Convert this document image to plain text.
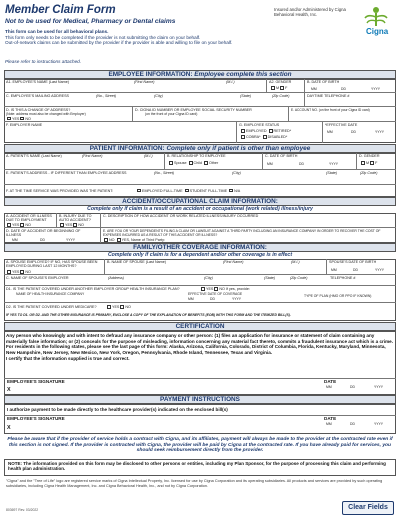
Member Claim Form
Not to be used for Medical, Pharmacy or Dental claims
Insured and/or Administered by Cigna Behavioral Health, Inc.
Cigna
This form can be used for all behavioral plans.
This form only needs to be completed if the provider is not submitting the claim on your behalf.
Out-of-network claims can be submitted by the provider if the provider is able and willing to file on your behalf.
Please refer to instructions attached.
EMPLOYEE INFORMATION: Employee complete this section
A1. EMPLOYEE'S NAME (Last Name)	(First Name)	(M.I.)	A2. GENDER
M F
B. DATE OF BIRTH
MM	DD	YYYY
C. EMPLOYEE'S MAILING ADDRESS	(No., Street)	(City)	(State)	(Zip Code)	DAYTIME TELEPHONE #
D. IS THIS A CHANGE OF ADDRESS?
(Note: address must also be changed with Employer)
YES NO
D. CIGNA ID NUMBER OR EMPLOYEE SOCIAL SECURITY NUMBER
(on the front of your Cigna ID card)
E. ACCOUNT NO. (on the front of your Cigna ID card)
F. EMPLOYER NAME	G. EMPLOYEE STATUS
EMPLOYED RETIRED*
COBRA* DISABLED*
*EFFECTIVE DATE
MM	DD	YYYY
PATIENT INFORMATION: Complete only if patient is other than employee
A. PATIENT'S NAME (Last Name)	(First Name)	(M.I.)	B. RELATIONSHIP TO EMPLOYEE
Spouse Child Other
C. DATE OF BIRTH
MM	DD	YYYY
D. GENDER
M F
E. PATIENT'S ADDRESS - IF DIFFERENT THAN EMPLOYEE ADDRESS	(No., Street)	(City)	(State)	(Zip Code)
F. AT THE TIME SERVICE WAS PROVIDED WAS THE PATIENT:	EMPLOYED FULL-TIME STUDENT FULL-TIME N/A
ACCIDENT/OCCUPATIONAL CLAIM INFORMATION:
Complete only if claim is a result of an accident or occupational (work related) illness/injury
A. ACCIDENT OR ILLNESS DUE TO EMPLOYMENT
YES NO
B. INJURY DUE TO AUTO ACCIDENT?
YES NO
C. DESCRIPTION OF HOW ACCIDENT OR WORK RELATED ILLNESS/INJURY OCCURRED
D. DATE OF ACCIDENT OR BEGINNING OF ILLNESS
MM	DD	YYYY
E. ARE YOU OR YOUR DEPENDENTS FILING A CLAIM OR LAWSUIT AGAINST A THIRD PARTY INCLUDING AN INSURANCE COMPANY IN ORDER TO RECOVER THE COST OF EXPENSES INCURRED AS A RESULT OF THIS ACCIDENT OR ILLNESS?
NO YES, Name of Third Party:
FAMILY/OTHER COVERAGE INFORMATION:
Complete only if claim is for a dependent and/or other coverage is in effect
A. SPOUSE EMPLOYED? IF NO, HAS SPOUSE BEEN EMPLOYED DURING LAST 12 MONTHS?
YES NO
B. NAME OF SPOUSE (Last Name)	(First Name)	(M.I.)	SPOUSE'S DATE OF BIRTH
MM	DD	YYYY
C. NAME OF SPOUSE'S EMPLOYER	(Address)	(City)	(State)	(Zip Code)	TELEPHONE #
D1. IS THE PATIENT COVERED UNDER ANOTHER EMPLOYER GROUP HEALTH INSURANCE PLAN?	YES NO If yes, provide:
NAME OF HEALTH INSURANCE COMPANY	EFFECTIVE DATE OF COVERAGE
MM	DD	YYYY
TYPE OF PLAN (HMO OR PPO IF KNOWN)
D2. IS THE PATIENT COVERED UNDER MEDICARE?	YES NO
IF YES TO D1. OR D2. AND THE OTHER INSURANCE IS PRIMARY, ENCLOSE A COPY OF THE EXPLANATION OF BENEFITS (EOB) WITH THIS FORM AND THE ITEMIZED BILL(S).
CERTIFICATION
Any person who knowingly and with intent to defraud any insurance company or other person: (1) files an application for insurance or statement of claim containing any materially false information; or (2) conceals for the purpose of misleading, information concerning any material fact thereto, commits a fraudulent insurance act which is a crime. For residents in the following states, please see the last page of this form: Alaska, Arizona, California, Colorado, District of Columbia, Florida, Kentucky, Maryland, Minnesota, New Hampshire, New Jersey, New Mexico, New York, Oregon, Pennsylvania, Rhode Island, Tennessee, Texas and Virginia.
I certify that the information supplied is true and correct.
EMPLOYEE'S SIGNATURE
X
DATE
MM	DD	YYYY
PAYMENT INSTRUCTIONS
I authorize payment to be made directly to the healthcare provider(s) indicated on the enclosed bill(s)
EMPLOYEE'S SIGNATURE
X
DATE
MM	DD	YYYY
Please be aware that if the provider of service holds a contract with Cigna, and its affiliates, payment will always be made to the provider at the contracted rate even if this section is not signed. If the provider is contracted with Cigna, the provider will be paid by Cigna at the contracted rate. If you have already paid for services, you should seek reimbursement directly from the provider.
NOTE: The information provided on this form may be disclosed to other persons or entities, including my Plan Sponsor, for the purpose of processing this claim and performing health plan administration.
"Cigna" and the "Tree of Life" logo are registered service marks of Cigna Intellectual Property, Inc. licensed for use by Cigna Corporation and its operating subsidiaries. All products and services are provided by such operating subsidiaries, including Cigna Health Management, Inc. and Cigna Behavioral Health, Inc., and not by Cigna Corporation.
803697 Rev. 03/2022	Clear Fields
